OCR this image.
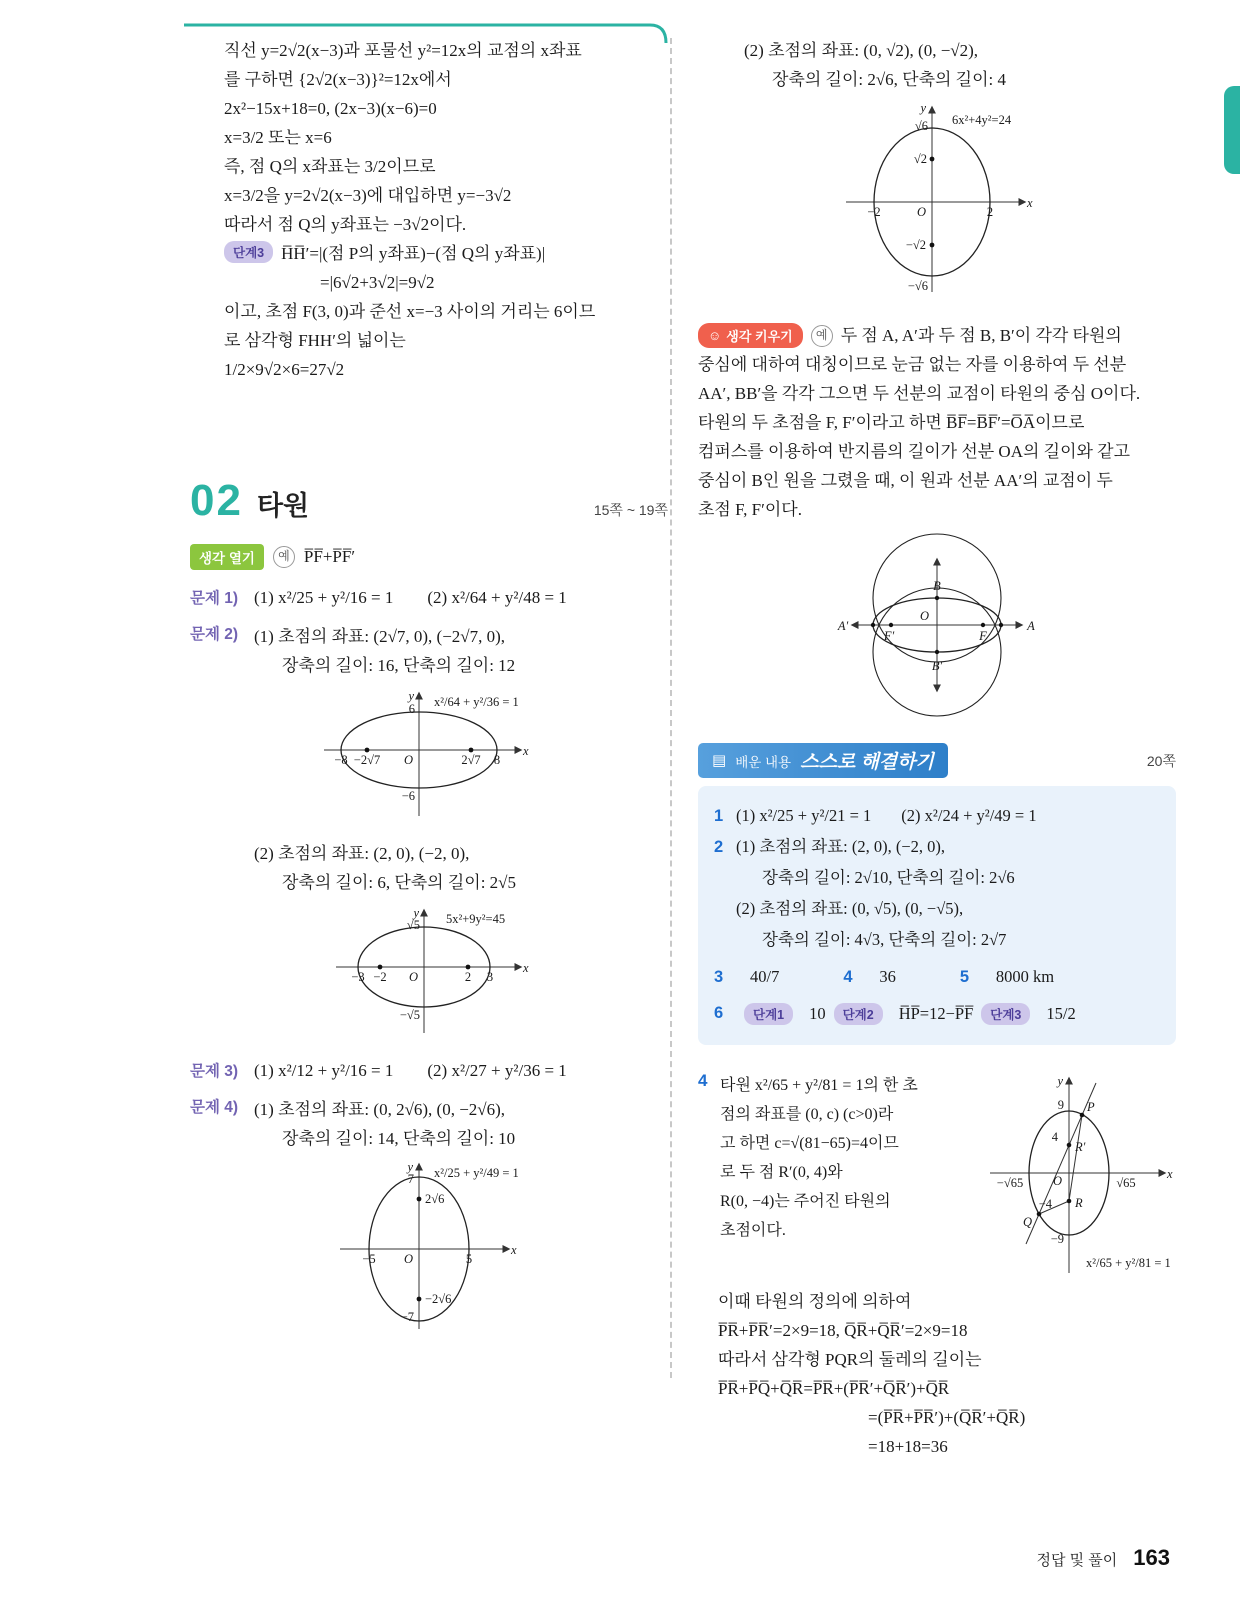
직선 y=2√2(x−3)과 포물선 y²=12x의 교점의 x좌표
를 구하면 {2√2(x−3)}²=12x에서
2x²−15x+18=0, (2x−3)(x−6)=0
x=3/2 또는 x=6
즉, 점 Q의 x좌표는 3/2이므로
x=3/2을 y=2√2(x−3)에 대입하면 y=−3√2
따라서 점 Q의 y좌표는 −3√2이다.
단계3 H̅H̅′=|(점 P의 y좌표)−(점 Q의 y좌표)|
=|6√2+3√2|=9√2
이고, 초점 F(3, 0)과 준선 x=−3 사이의 거리는 6이므
로 삼각형 FHH′의 넓이는
1/2×9√2×6=27√2
02 타원	15쪽 ~ 19쪽
생각 열기	예 P̅F̅+P̅F̅′
문제 1) (1) x²/25 + y²/16 = 1 (2) x²/64 + y²/48 = 1
문제 2) (1) 초점의 좌표: (2√7, 0), (−2√7, 0),
장축의 길이: 16, 단축의 길이: 12
y
6 x²/64 + y²/36 = 1
−8 −2√7 O	2√7 8
x
−6
(2) 초점의 좌표: (2, 0), (−2, 0),
장축의 길이: 6, 단축의 길이: 2√5
y
√5 5x²+9y²=45
−3 −2 O	2 3
x
−√5
문제 3) (1) x²/12 + y²/16 = 1 (2) x²/27 + y²/36 = 1
문제 4) (1) 초점의 좌표: (0, 2√6), (0, −2√6),
장축의 길이: 14, 단축의 길이: 10
y
7 x²/25 + y²/49 = 1
2√6
−5 O	5
x
−2√6
−7
(2) 초점의 좌표: (0, √2), (0, −√2),
장축의 길이: 2√6, 단축의 길이: 4
y
√6 6x²+4y²=24
√2
−2	O	2
x
−√2
−√6
☺ 생각 키우기	예 두 점 A, A′과 두 점 B, B′이 각각 타원의
중심에 대하여 대칭이므로 눈금 없는 자를 이용하여 두 선분
AA′, BB′을 각각 그으면 두 선분의 교점이 타원의 중심 O이다.
타원의 두 초점을 F, F′이라고 하면 B̅F̅=B̅F̅′=O̅A̅이므로
컴퍼스를 이용하여 반지름의 길이가 선분 OA의 길이와 같고
중심이 B인 원을 그렸을 때, 이 원과 선분 AA′의 교점이 두
초점 F, F′이다.
B
B′
A′	A
O
F′	F
▤ 배운 내용 스스로 해결하기	20쪽
1 (1) x²/25 + y²/21 = 1 (2) x²/24 + y²/49 = 1
2 (1) 초점의 좌표: (2, 0), (−2, 0),
장축의 길이: 2√10, 단축의 길이: 2√6
(2) 초점의 좌표: (0, √5), (0, −√5),
장축의 길이: 4√3, 단축의 길이: 2√7
3	40/7	4	36	5	8000 km
6	단계1	10	단계2	H̅P̅=12−P̅F̅	단계3	15/2
4 타원 x²/65 + y²/81 = 1의 한 초
점의 좌표를 (0, c) (c>0)라
고 하면 c=√(81−65)=4이므
로 두 점 R′(0, 4)와
R(0, −4)는 주어진 타원의
초점이다.
y
9 P
4
R′
−√65 O	√65
x
Q
−4 R
−9
x²/65 + y²/81 = 1
이때 타원의 정의에 의하여
P̅R̅+P̅R̅′=2×9=18, Q̅R̅+Q̅R̅′=2×9=18
따라서 삼각형 PQR의 둘레의 길이는
P̅R̅+P̅Q̅+Q̅R̅=P̅R̅+(P̅R̅′+Q̅R̅′)+Q̅R̅
=(P̅R̅+P̅R̅′)+(Q̅R̅′+Q̅R̅)
=18+18=36
정답 및 풀이 163
